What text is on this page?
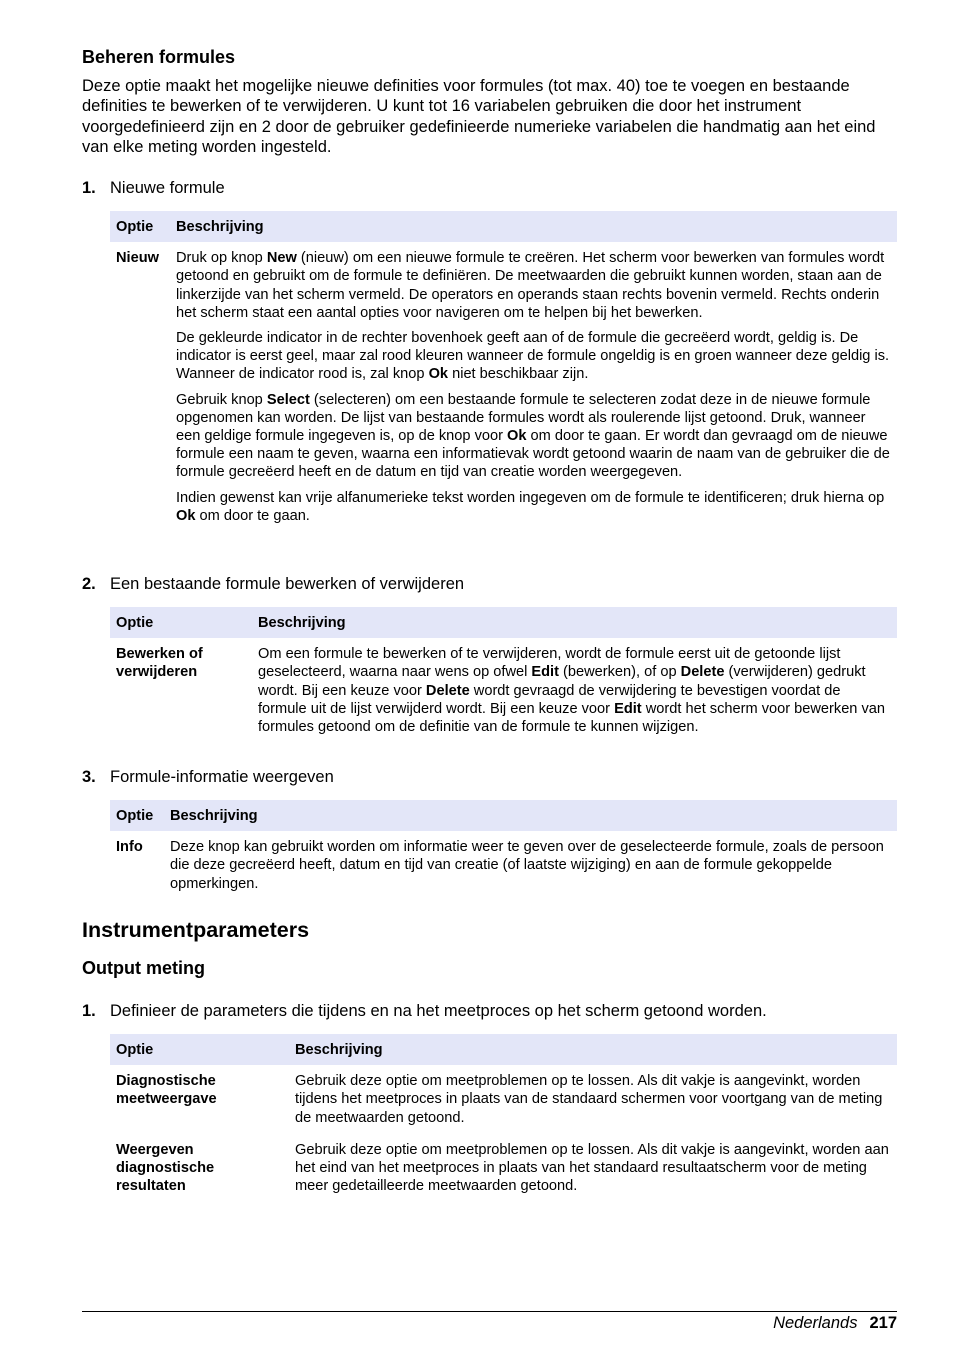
Beheren formules

Deze optie maakt het mogelijke nieuwe definities voor formules (tot max. 40) toe te voegen en bestaande definities te bewerken of te verwijderen. U kunt tot 16 variabelen gebruiken die door het instrument voorgedefinieerd zijn en 2 door de gebruiker gedefinieerde numerieke variabelen die handmatig aan het eind van elke meting worden ingesteld.

1. Nieuwe formule
Optie	Beschrijving
Nieuw	Druk op knop New (nieuw) om een nieuwe formule te creëren. Het scherm voor bewerken van formules wordt getoond en gebruikt om de formule te definiëren. De meetwaarden die gebruikt kunnen worden, staan aan de linkerzijde van het scherm vermeld. De operators en operands staan rechts bovenin vermeld. Rechts onderin het scherm staat een aantal opties voor navigeren om te helpen bij het bewerken.

De gekleurde indicator in de rechter bovenhoek geeft aan of de formule die gecreëerd wordt, geldig is. De indicator is eerst geel, maar zal rood kleuren wanneer de formule ongeldig is en groen wanneer deze geldig is. Wanneer de indicator rood is, zal knop Ok niet beschikbaar zijn.

Gebruik knop Select (selecteren) om een bestaande formule te selecteren zodat deze in de nieuwe formule opgenomen kan worden. De lijst van bestaande formules wordt als roulerende lijst getoond. Druk, wanneer een geldige formule ingegeven is, op de knop voor Ok om door te gaan. Er wordt dan gevraagd om de nieuwe formule een naam te geven, waarna een informatievak wordt getoond waarin de naam van de gebruiker die de formule gecreëerd heeft en de datum en tijd van creatie worden weergegeven.

Indien gewenst kan vrije alfanumerieke tekst worden ingegeven om de formule te identificeren; druk hierna op Ok om door te gaan.

2. Een bestaande formule bewerken of verwijderen
Optie	Beschrijving
Bewerken of verwijderen	Om een formule te bewerken of te verwijderen, wordt de formule eerst uit de getoonde lijst geselecteerd, waarna naar wens op ofwel Edit (bewerken), of op Delete (verwijderen) gedrukt wordt. Bij een keuze voor Delete wordt gevraagd de verwijdering te bevestigen voordat de formule uit de lijst verwijderd wordt. Bij een keuze voor Edit wordt het scherm voor bewerken van formules getoond om de definitie van de formule te kunnen wijzigen.

3. Formule-informatie weergeven
Optie	Beschrijving
Info	Deze knop kan gebruikt worden om informatie weer te geven over de geselecteerde formule, zoals de persoon die deze gecreëerd heeft, datum en tijd van creatie (of laatste wijziging) en aan de formule gekoppelde opmerkingen.

Instrumentparameters
Output meting
1. Definieer de parameters die tijdens en na het meetproces op het scherm getoond worden.
Optie	Beschrijving
Diagnostische meetweergave	Gebruik deze optie om meetproblemen op te lossen. Als dit vakje is aangevinkt, worden tijdens het meetproces in plaats van de standaard schermen voor voortgang van de meting de meetwaarden getoond.
Weergeven diagnostische resultaten	Gebruik deze optie om meetproblemen op te lossen. Als dit vakje is aangevinkt, worden aan het eind van het meetproces in plaats van het standaard resultaatscherm voor de meting meer gedetailleerde meetwaarden getoond.
Nederlands 217
